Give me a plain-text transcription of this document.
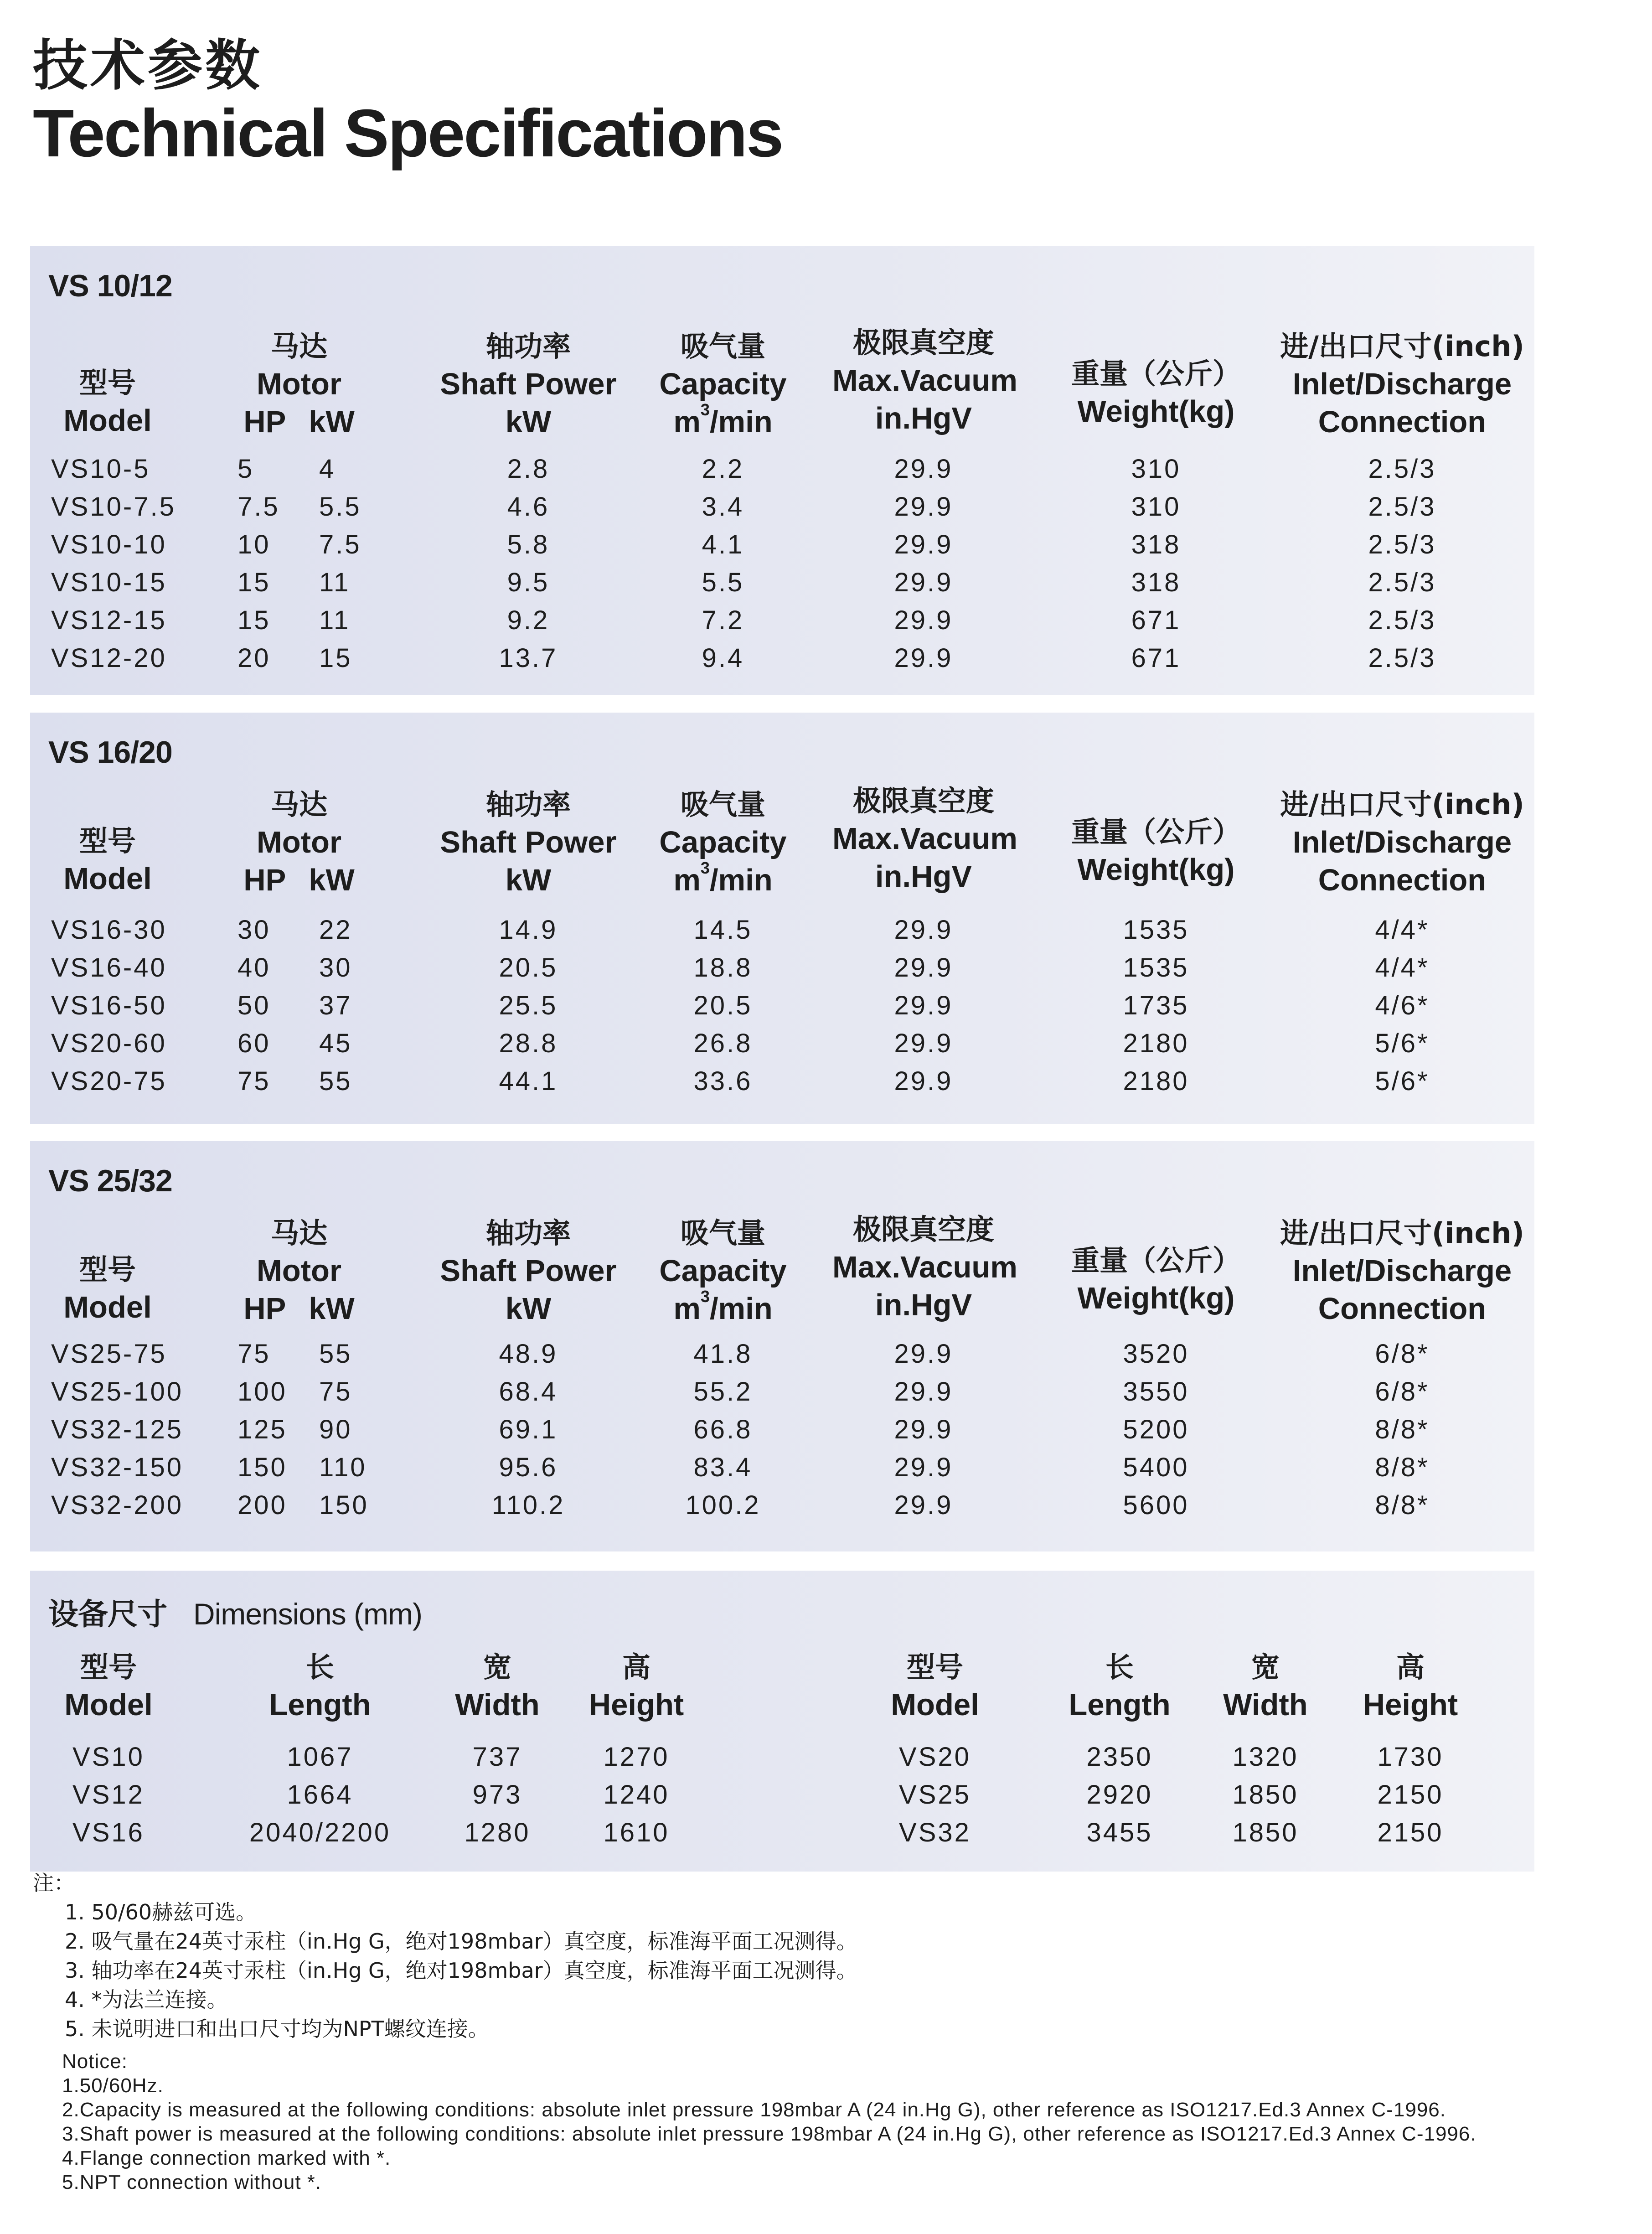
技术参数
Technical Specifications
VS 10/12
型号
Model
马达
Motor
HP kW
轴功率
Shaft Power
kW
吸气量
Capacity
$m^3/\min$
极限真空度
Max.Vacuum
in.HgV
重量（公斤）
Weight(kg)
进/出口尺寸(inch)
Inlet/Discharge
Connection
VS10-5	5 4	2.8	2.2	29.9	310	2.5/3
VS10-7.5 7.5 5.5	4.6	3.4	29.9	310	2.5/3
VS10-10	10 7.5	5.8	4.1	29.9	318	2.5/3
VS10-15	15 11	9.5	5.5	29.9	318	2.5/3
VS12-15	15 11	9.2	7.2	29.9	671	2.5/3
VS12-20	20 15	13.7	9.4	29.9	671	2.5/3
VS 16/20
型号
Model
马达
Motor
HP kW
轴功率
Shaft Power
kW
吸气量
Capacity
$m^3/\min$
极限真空度
Max.Vacuum
in.HgV
重量（公斤）
Weight(kg)
进/出口尺寸(inch)
Inlet/Discharge
Connection
VS16-30	30 22	14.9	14.5	29.9	1535	4/4*
VS16-40	40 30	20.5	18.8	29.9	1535	4/4*
VS16-50	50 37	25.5	20.5	29.9	1735	4/6*
VS20-60	60 45	28.8	26.8	29.9	2180	5/6*
VS20-75	75 55	44.1	33.6	29.9	2180	5/6*
VS 25/32
型号
Model
马达
Motor
HP kW
轴功率
Shaft Power
kW
吸气量
Capacity
$m^3/\min$
极限真空度
Max.Vacuum
in.HgV
重量（公斤）
Weight(kg)
进/出口尺寸(inch)
Inlet/Discharge
Connection
VS25-75	75 55	48.9	41.8	29.9	3520	6/8*
VS25-100 100 75	68.4	55.2	29.9	3550	6/8*
VS32-125 125 90	69.1	66.8	29.9	5200	8/8*
VS32-150 150 110	95.6	83.4	29.9	5400	8/8*
VS32-200 200 150	110.2	100.2	29.9	5600	8/8*
设备尺寸 Dimensions (mm)
型号
Model
长
Length
宽
Width
高
Height
型号
Model
长
Length
宽
Width
高
Height
VS10	1067	737	1270
VS12	1664	973	1240
VS16	2040/2200	1280	1610
VS20	2350	1320	1730
VS25	2920	1850	2150
VS32	3455	1850	2150
注：
1. 50/60赫兹可选。
2. 吸气量在24英寸汞柱（in.Hg G，绝对198mbar）真空度，标准海平面工况测得。
3. 轴功率在24英寸汞柱（in.Hg G，绝对198mbar）真空度，标准海平面工况测得。
4. *为法兰连接。
5. 未说明进口和出口尺寸均为NPT螺纹连接。
Notice:
1.50/60Hz.
2.Capacity is measured at the following conditions: absolute inlet pressure 198mbar A (24 in.Hg G), other reference as ISO1217.Ed.3 Annex C-1996.
3.Shaft power is measured at the following conditions: absolute inlet pressure 198mbar A (24 in.Hg G), other reference as ISO1217.Ed.3 Annex C-1996.
4.Flange connection marked with *.
5.NPT connection without *.
